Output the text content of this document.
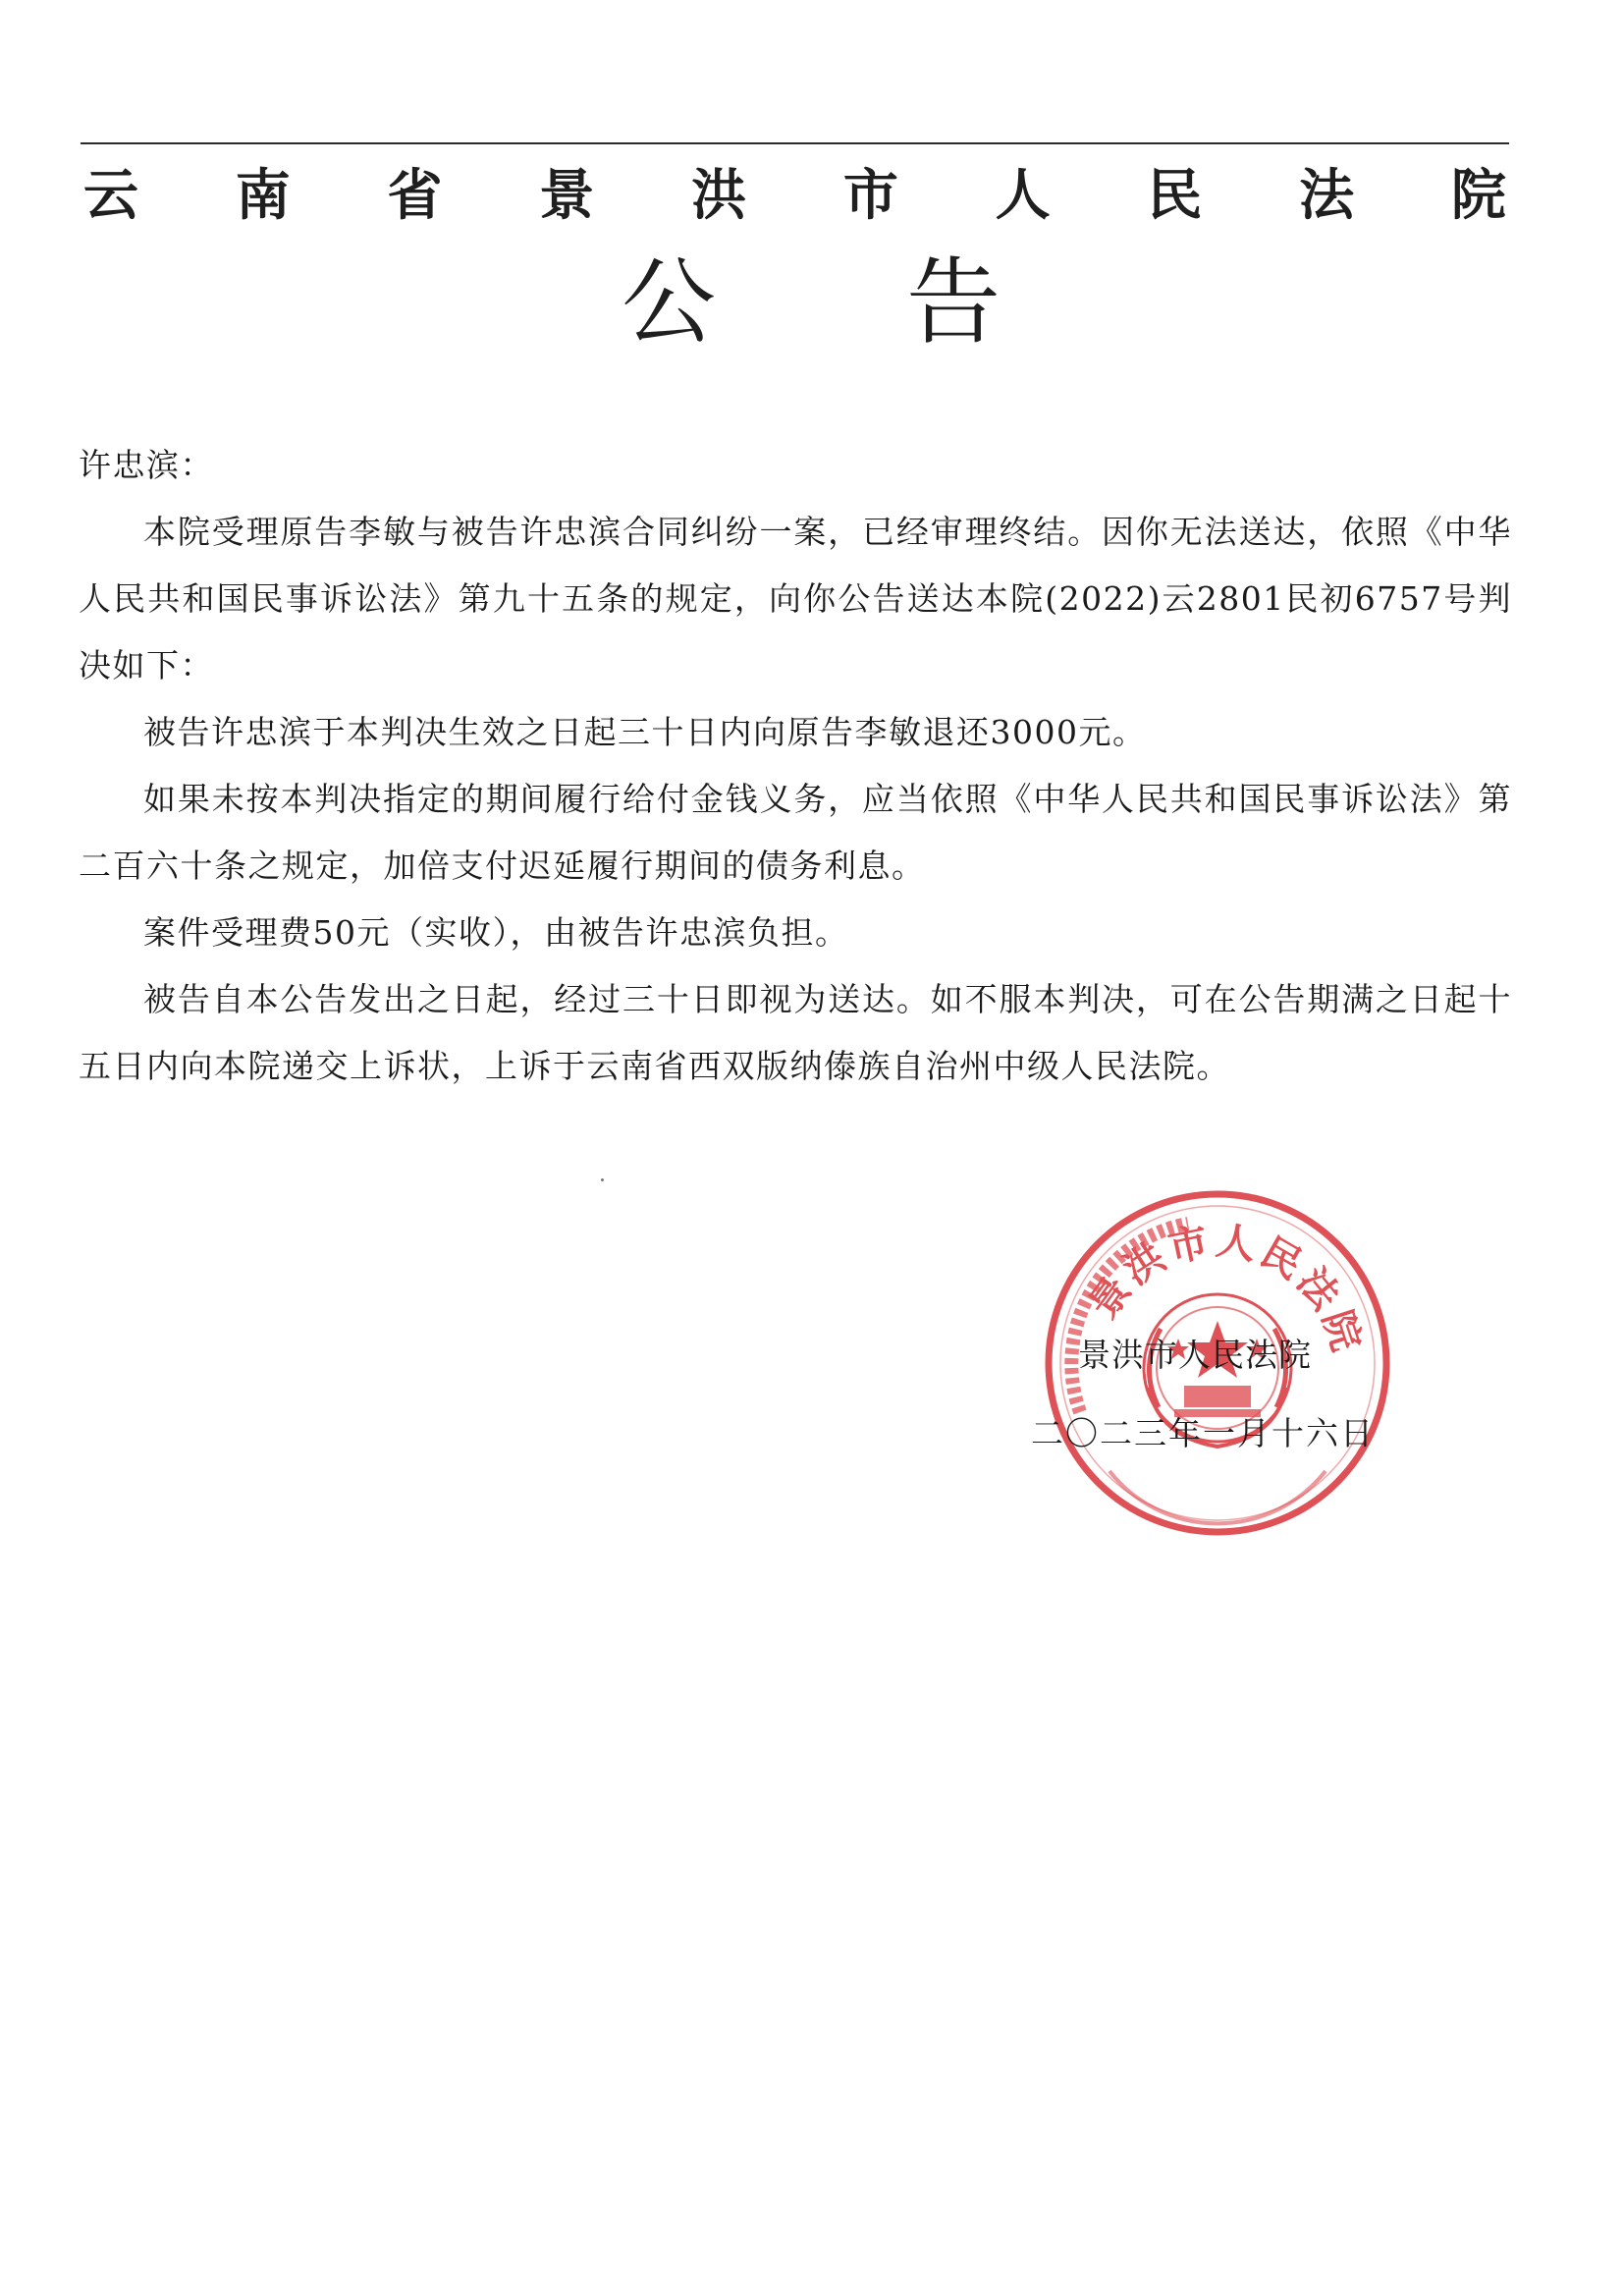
云 南 省 景 洪 市 人 民 法 院
公 告

许忠滨：

本院受理原告李敏与被告许忠滨合同纠纷一案，已经审理终结。因你无法送达，依照《中华人民共和国民事诉讼法》第九十五条的规定，向你公告送达本院(2022)云2801民初6757号判决如下：

被告许忠滨于本判决生效之日起三十日内向原告李敏退还3000元。

如果未按本判决指定的期间履行给付金钱义务，应当依照《中华人民共和国民事诉讼法》第二百六十条之规定，加倍支付迟延履行期间的债务利息。

案件受理费50元（实收），由被告许忠滨负担。

被告自本公告发出之日起，经过三十日即视为送达。如不服本判决，可在公告期满之日起十五日内向本院递交上诉状，上诉于云南省西双版纳傣族自治州中级人民法院。

景洪市人民法院
景洪市人民法院
二〇二三年一月十六日
